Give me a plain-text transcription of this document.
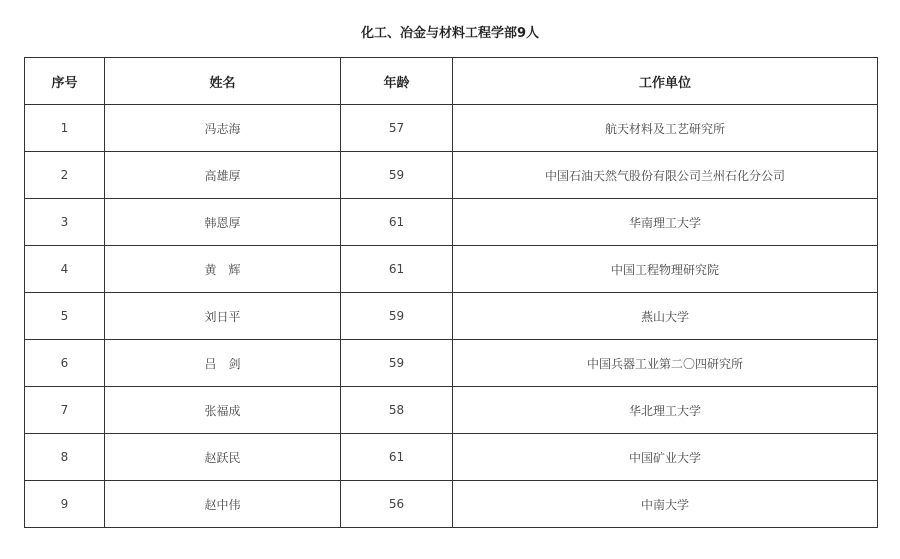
化工、冶金与材料工程学部9人
序号	姓名	年龄	工作单位
1	冯志海	57	航天材料及工艺研究所
2	高雄厚	59	中国石油天然气股份有限公司兰州石化分公司
3	韩恩厚	61	华南理工大学
4	黄　辉	61	中国工程物理研究院
5	刘日平	59	燕山大学
6	吕　剑	59	中国兵器工业第二〇四研究所
7	张福成	58	华北理工大学
8	赵跃民	61	中国矿业大学
9	赵中伟	56	中南大学
